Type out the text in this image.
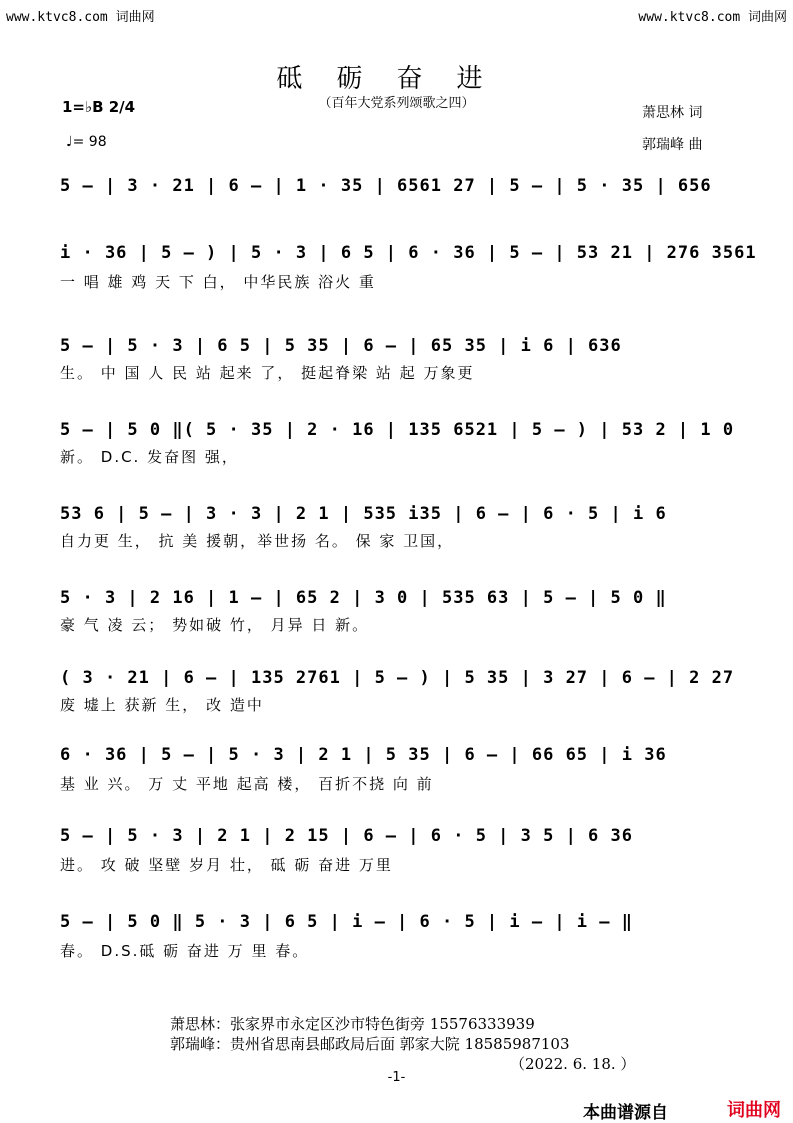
www.ktvc8.com 词曲网	www.ktvc8.com 词曲网
砥砺奋进
（百年大党系列颂歌之四）
1=♭B 2/4
♩= 98
萧思林 词
郭瑞峰 曲
5 – | 3 · 21 | 6 – | 1 · 35 | 6561 27 | 5 – | 5 · 35 | 656
i · 36 | 5 – ) | 5 · 3 | 6 5 | 6 · 36 | 5 – | 53 21 | 276 3561
一 唱 雄 鸡 天 下 白， 中华民族 浴火 重
5 – | 5 · 3 | 6 5 | 5 35 | 6 – | 65 35 | i 6 | 636
生。 中 国 人 民 站 起来 了， 挺起脊梁 站 起 万象更
5 – | 5 0 ‖( 5 · 35 | 2 · 16 | 135 6521 | 5 – ) | 53 2 | 1 0
新。 D.C. 发奋图 强，
53 6 | 5 – | 3 · 3 | 2 1 | 535 i35 | 6 – | 6 · 5 | i 6
自力更 生， 抗 美 援朝，举世扬 名。 保 家 卫国，
5 · 3 | 2 16 | 1 – | 65 2 | 3 0 | 535 63 | 5 – | 5 0 ‖
豪 气 凌 云； 势如破 竹， 月异 日 新。
( 3 · 21 | 6 – | 135 2761 | 5 – ) | 5 35 | 3 27 | 6 – | 2 27
废 墟上 获新 生， 改 造中
6 · 36 | 5 – | 5 · 3 | 2 1 | 5 35 | 6 – | 66 65 | i 36
基 业 兴。 万 丈 平地 起高 楼， 百折不挠 向 前
5 – | 5 · 3 | 2 1 | 2 15 | 6 – | 6 · 5 | 3 5 | 6 36
进。 攻 破 坚壁 岁月 壮， 砥 砺 奋进 万里
5 – | 5 0 ‖ 5 · 3 | 6 5 | i – | 6 · 5 | i – | i – ‖
春。 D.S.砥 砺 奋进 万 里 春。
萧思林：张家界市永定区沙市特色街旁 15576333939
郭瑞峰：贵州省思南县邮政局后面 郭家大院 18585987103
（2022. 6. 18. ）
-1-
本曲谱源自	词曲网
